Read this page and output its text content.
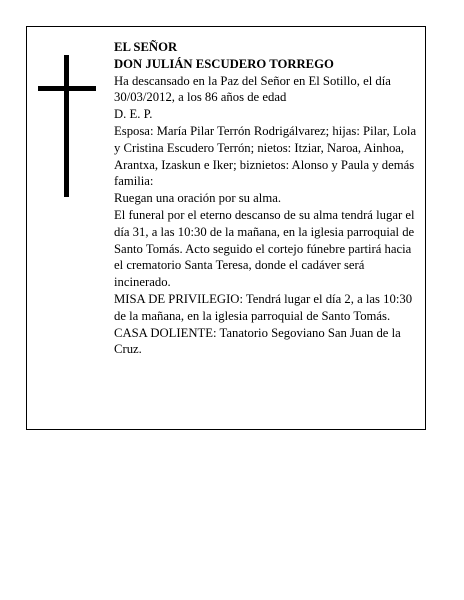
EL SEÑOR

DON JULIÁN ESCUDERO TORREGO

Ha descansado en la Paz del Señor en El Sotillo, el día 30/03/2012, a los 86 años de edad

D. E. P.

Esposa: María Pilar Terrón Rodrigálvarez; hijas: Pilar, Lola y Cristina Escudero Terrón; nietos: Itziar, Naroa, Ainhoa, Arantxa, Izaskun e Iker; biznietos: Alonso y Paula y demás familia:

Ruegan una oración por su alma.

El funeral por el eterno descanso de su alma tendrá lugar el día 31, a las 10:30 de la mañana, en la iglesia parroquial de Santo Tomás. Acto seguido el cortejo fúnebre partirá hacia el crematorio Santa Teresa, donde el cadáver será incinerado.

MISA DE PRIVILEGIO: Tendrá lugar el día 2, a las 10:30 de la mañana, en la iglesia parroquial de Santo Tomás.

CASA DOLIENTE: Tanatorio Segoviano San Juan de la Cruz.
